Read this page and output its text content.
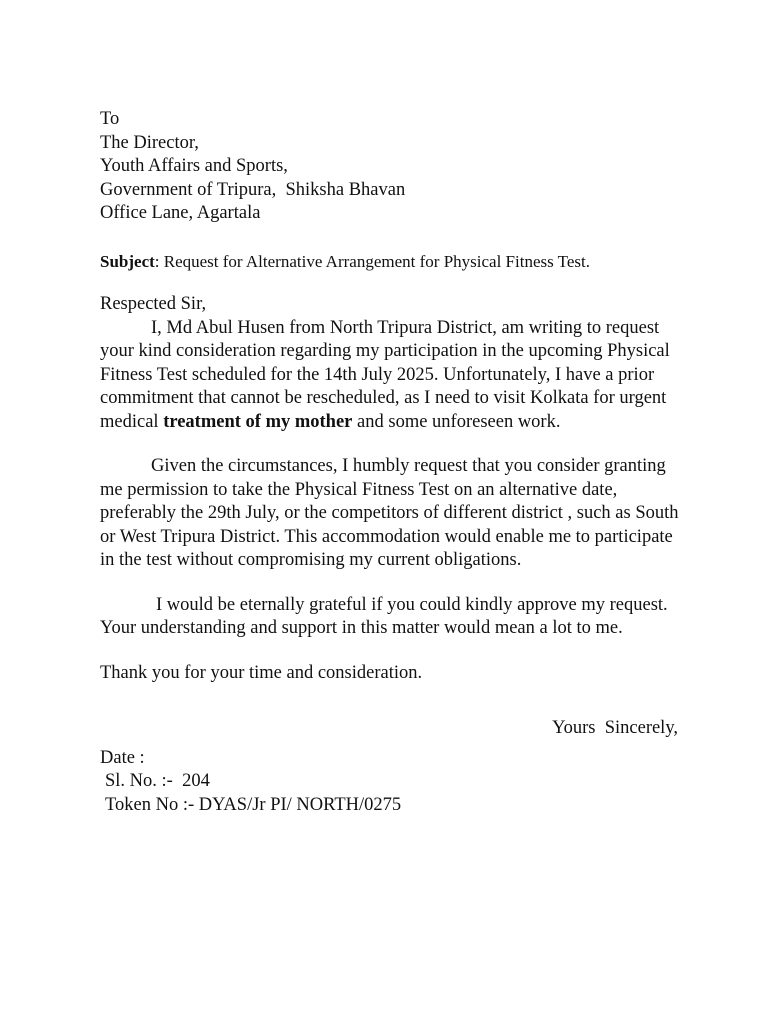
To
The Director,
Youth Affairs and Sports,
Government of Tripura,  Shiksha Bhavan
Office Lane, Agartala
Subject: Request for Alternative Arrangement for Physical Fitness Test.
Respected Sir,

I, Md Abul Husen from North Tripura District, am writing to request your kind consideration regarding my participation in the upcoming Physical Fitness Test scheduled for the 14th July 2025. Unfortunately, I have a prior commitment that cannot be rescheduled, as I need to visit Kolkata for urgent medical treatment of my mother and some unforeseen work.

Given the circumstances, I humbly request that you consider granting me permission to take the Physical Fitness Test on an alternative date, preferably the 29th July, or the competitors of different district , such as South or West Tripura District. This accommodation would enable me to participate in the test without compromising my current obligations.

I would be eternally grateful if you could kindly approve my request. Your understanding and support in this matter would mean a lot to me.

Thank you for your time and consideration.
Yours  Sincerely,
Date :
Sl. No. :- 204
Token No :- DYAS/Jr PI/ NORTH/0275
